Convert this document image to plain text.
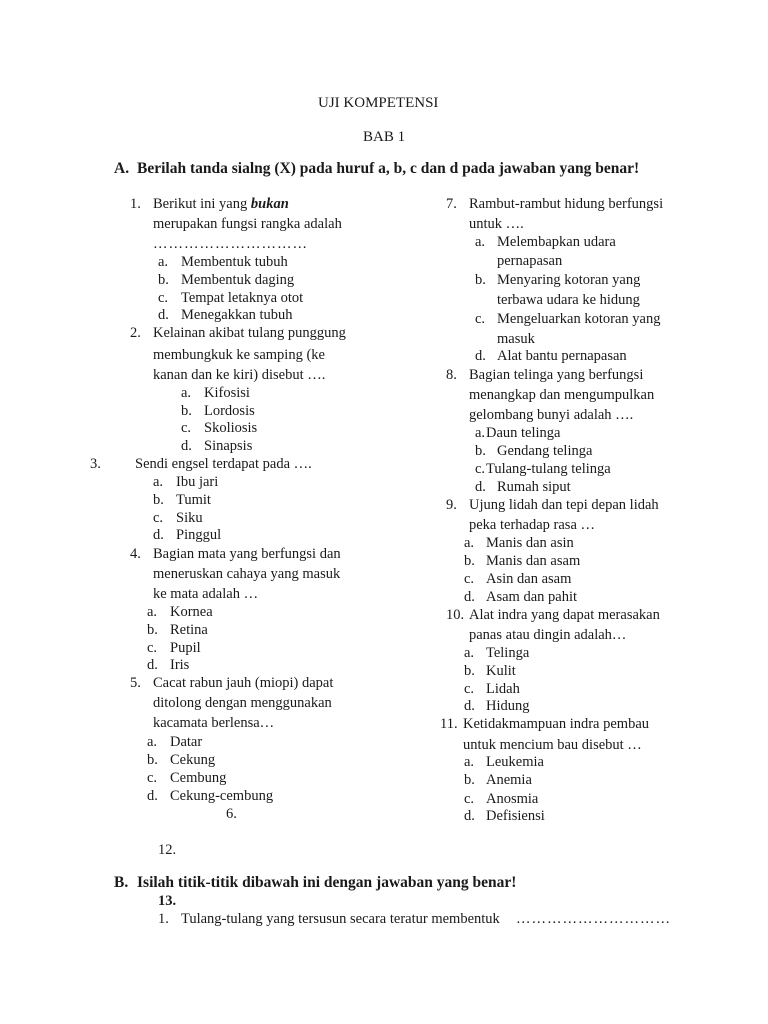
UJI KOMPETENSI
BAB 1
A. Berilah tanda sialng (X) pada huruf a, b, c dan d pada jawaban yang benar!
1. Berikut ini yang bukan
merupakan fungsi rangka adalah
…………………………
a. Membentuk tubuh
b. Membentuk daging
c. Tempat letaknya otot
d. Menegakkan tubuh
2. Kelainan akibat tulang punggung
membungkuk ke samping (ke
kanan dan ke kiri) disebut ….
a. Kifosisi
b. Lordosis
c. Skoliosis
d. Sinapsis
3. Sendi engsel terdapat pada ….
a. Ibu jari
b. Tumit
c. Siku
d. Pinggul
4. Bagian mata yang berfungsi dan
meneruskan cahaya yang masuk
ke mata adalah …
a. Kornea
b. Retina
c. Pupil
d. Iris
5. Cacat rabun jauh (miopi) dapat
ditolong dengan menggunakan
kacamata berlensa…
a. Datar
b. Cekung
c. Cembung
d. Cekung-cembung
6.
7. Rambut-rambut hidung berfungsi
untuk ….
a. Melembapkan udara
pernapasan
b. Menyaring kotoran yang
terbawa udara ke hidung
c. Mengeluarkan kotoran yang
masuk
d. Alat bantu pernapasan
8. Bagian telinga yang berfungsi
menangkap dan mengumpulkan
gelombang bunyi adalah ….
a. Daun telinga
b. Gendang telinga
c. Tulang-tulang telinga
d. Rumah siput
9. Ujung lidah dan tepi depan lidah
peka terhadap rasa …
a. Manis dan asin
b. Manis dan asam
c. Asin dan asam
d. Asam dan pahit
10. Alat indra yang dapat merasakan
panas atau dingin adalah…
a. Telinga
b. Kulit
c. Lidah
d. Hidung
11. Ketidakmampuan indra pembau
untuk mencium bau disebut …
a. Leukemia
b. Anemia
c. Anosmia
d. Defisiensi
12.
B. Isilah titik-titik dibawah ini dengan jawaban yang benar!
13.
1. Tulang-tulang yang tersusun secara teratur membentuk …………………………
